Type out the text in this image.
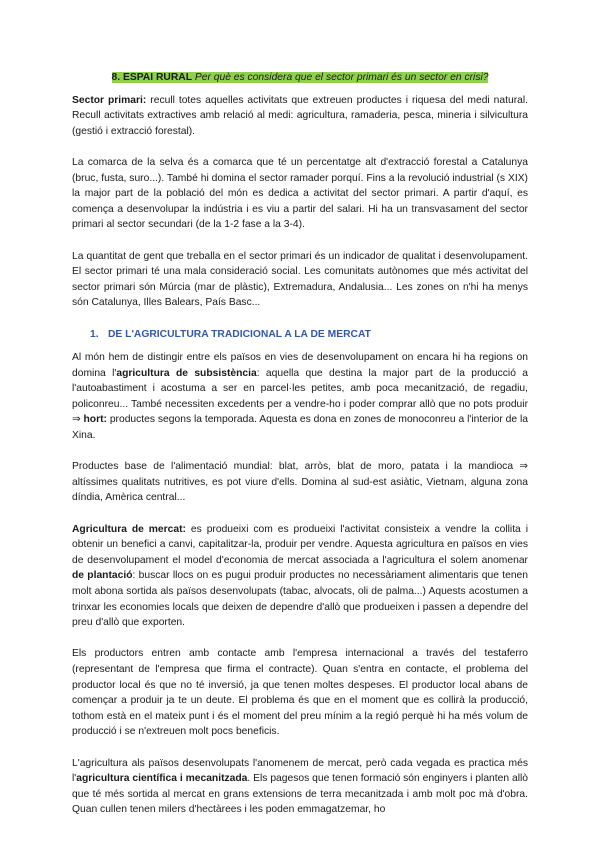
8. ESPAI RURAL Per què es considera que el sector primari és un sector en crisi?

Sector primari: recull totes aquelles activitats que extreuen productes i riquesa del medi natural. Recull activitats extractives amb relació al medi: agricultura, ramaderia, pesca, mineria i silvicultura (gestió i extracció forestal).

La comarca de la selva és a comarca que té un percentatge alt d'extracció forestal a Catalunya (bruc, fusta, suro...). També hi domina el sector ramader porquí. Fins a la revolució industrial (s XIX) la major part de la població del món es dedica a activitat del sector primari. A partir d'aquí, es comença a desenvolupar la indústria i es viu a partir del salari. Hi ha un transvasament del sector primari al sector secundari (de la 1-2 fase a la 3-4).

La quantitat de gent que treballa en el sector primari és un indicador de qualitat i desenvolupament. El sector primari té una mala consideració social. Les comunitats autònomes que més activitat del sector primari són Múrcia (mar de plàstic), Extremadura, Andalusia... Les zones on n'hi ha menys són Catalunya, Illes Balears, País Basc...

1. DE L'AGRICULTURA TRADICIONAL A LA DE MERCAT

Al món hem de distingir entre els països en vies de desenvolupament on encara hi ha regions on domina l'agricultura de subsistència: aquella que destina la major part de la producció a l'autoabastiment i acostuma a ser en parcel·les petites, amb poca mecanització, de regadiu, policonreu... També necessiten excedents per a vendre-ho i poder comprar allò que no pots produir ⇒ hort: productes segons la temporada. Aquesta es dona en zones de monoconreu a l'interior de la Xina.

Productes base de l'alimentació mundial: blat, arròs, blat de moro, patata i la mandioca ⇒ altíssimes qualitats nutritives, es pot viure d'ells. Domina al sud-est asiàtic, Vietnam, alguna zona díndia, Amèrica central...

Agricultura de mercat: es produeixi com es produeixi l'activitat consisteix a vendre la collita i obtenir un benefici a canvi, capitalitzar-la, produir per vendre. Aquesta agricultura en països en vies de desenvolupament el model d'economia de mercat associada a l'agricultura el solem anomenar de plantació: buscar llocs on es pugui produir productes no necessàriament alimentaris que tenen molt abona sortida als països desenvolupats (tabac, alvocats, oli de palma...) Aquests acostumen a trinxar les economies locals que deixen de dependre d'allò que produeixen i passen a dependre del preu d'allò que exporten.

Els productors entren amb contacte amb l'empresa internacional a través del testaferro (representant de l'empresa que firma el contracte). Quan s'entra en contacte, el problema del productor local és que no té inversió, ja que tenen moltes despeses. El productor local abans de començar a produir ja te un deute. El problema és que en el moment que es collirà la producció, tothom està en el mateix punt i és el moment del preu mínim a la regió perquè hi ha més volum de producció i se n'extreuen molt pocs beneficis.

L'agricultura als països desenvolupats l'anomenem de mercat, però cada vegada es practica més l'agricultura científica i mecanitzada. Els pagesos que tenen formació són enginyers i planten allò que té més sortida al mercat en grans extensions de terra mecanitzada i amb molt poc mà d'obra. Quan cullen tenen milers d'hectàrees i les poden emmagatzemar, ho
